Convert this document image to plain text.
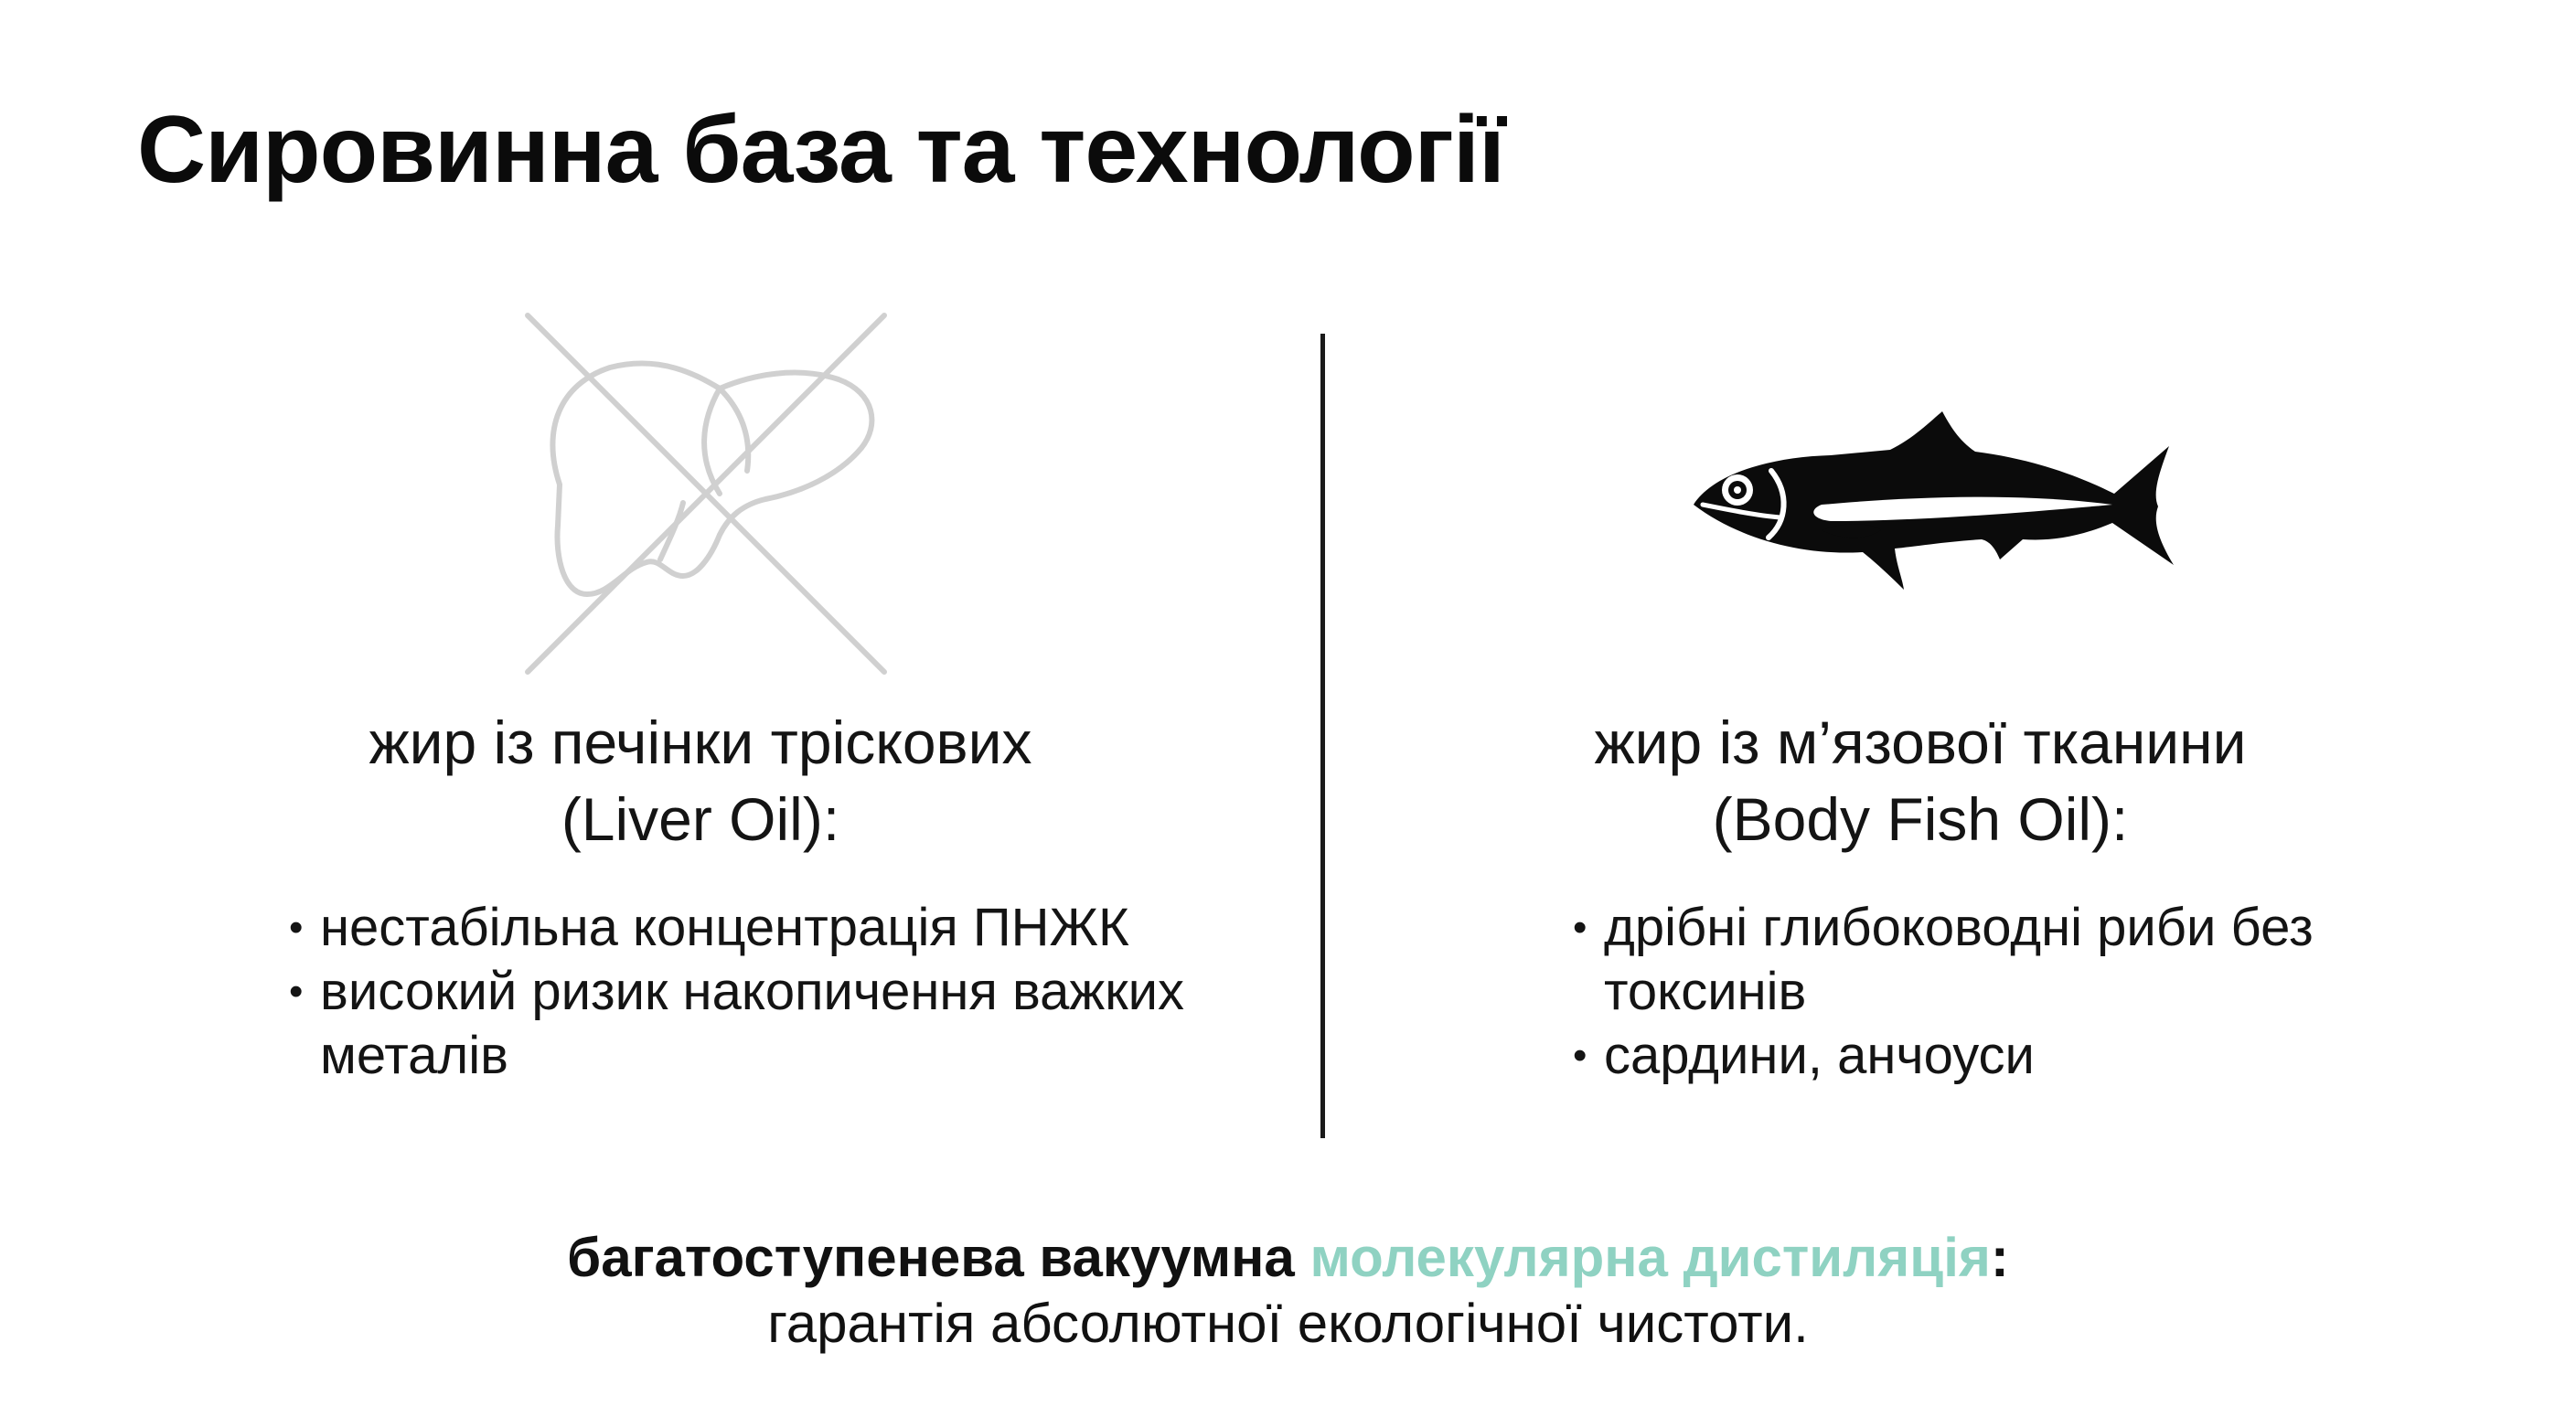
Сировинна база та технології
жир із печінки тріскових
(Liver Oil):
• нестабільна концентрація ПНЖК
• високий ризик накопичення важких металів
жир із м’язової тканини
(Body Fish Oil):
• дрібні глибоководні риби без токсинів
• сардини, анчоуси
багатоступенева вакуумна молекулярна дистиляція:
гарантія абсолютної екологічної чистоти.
